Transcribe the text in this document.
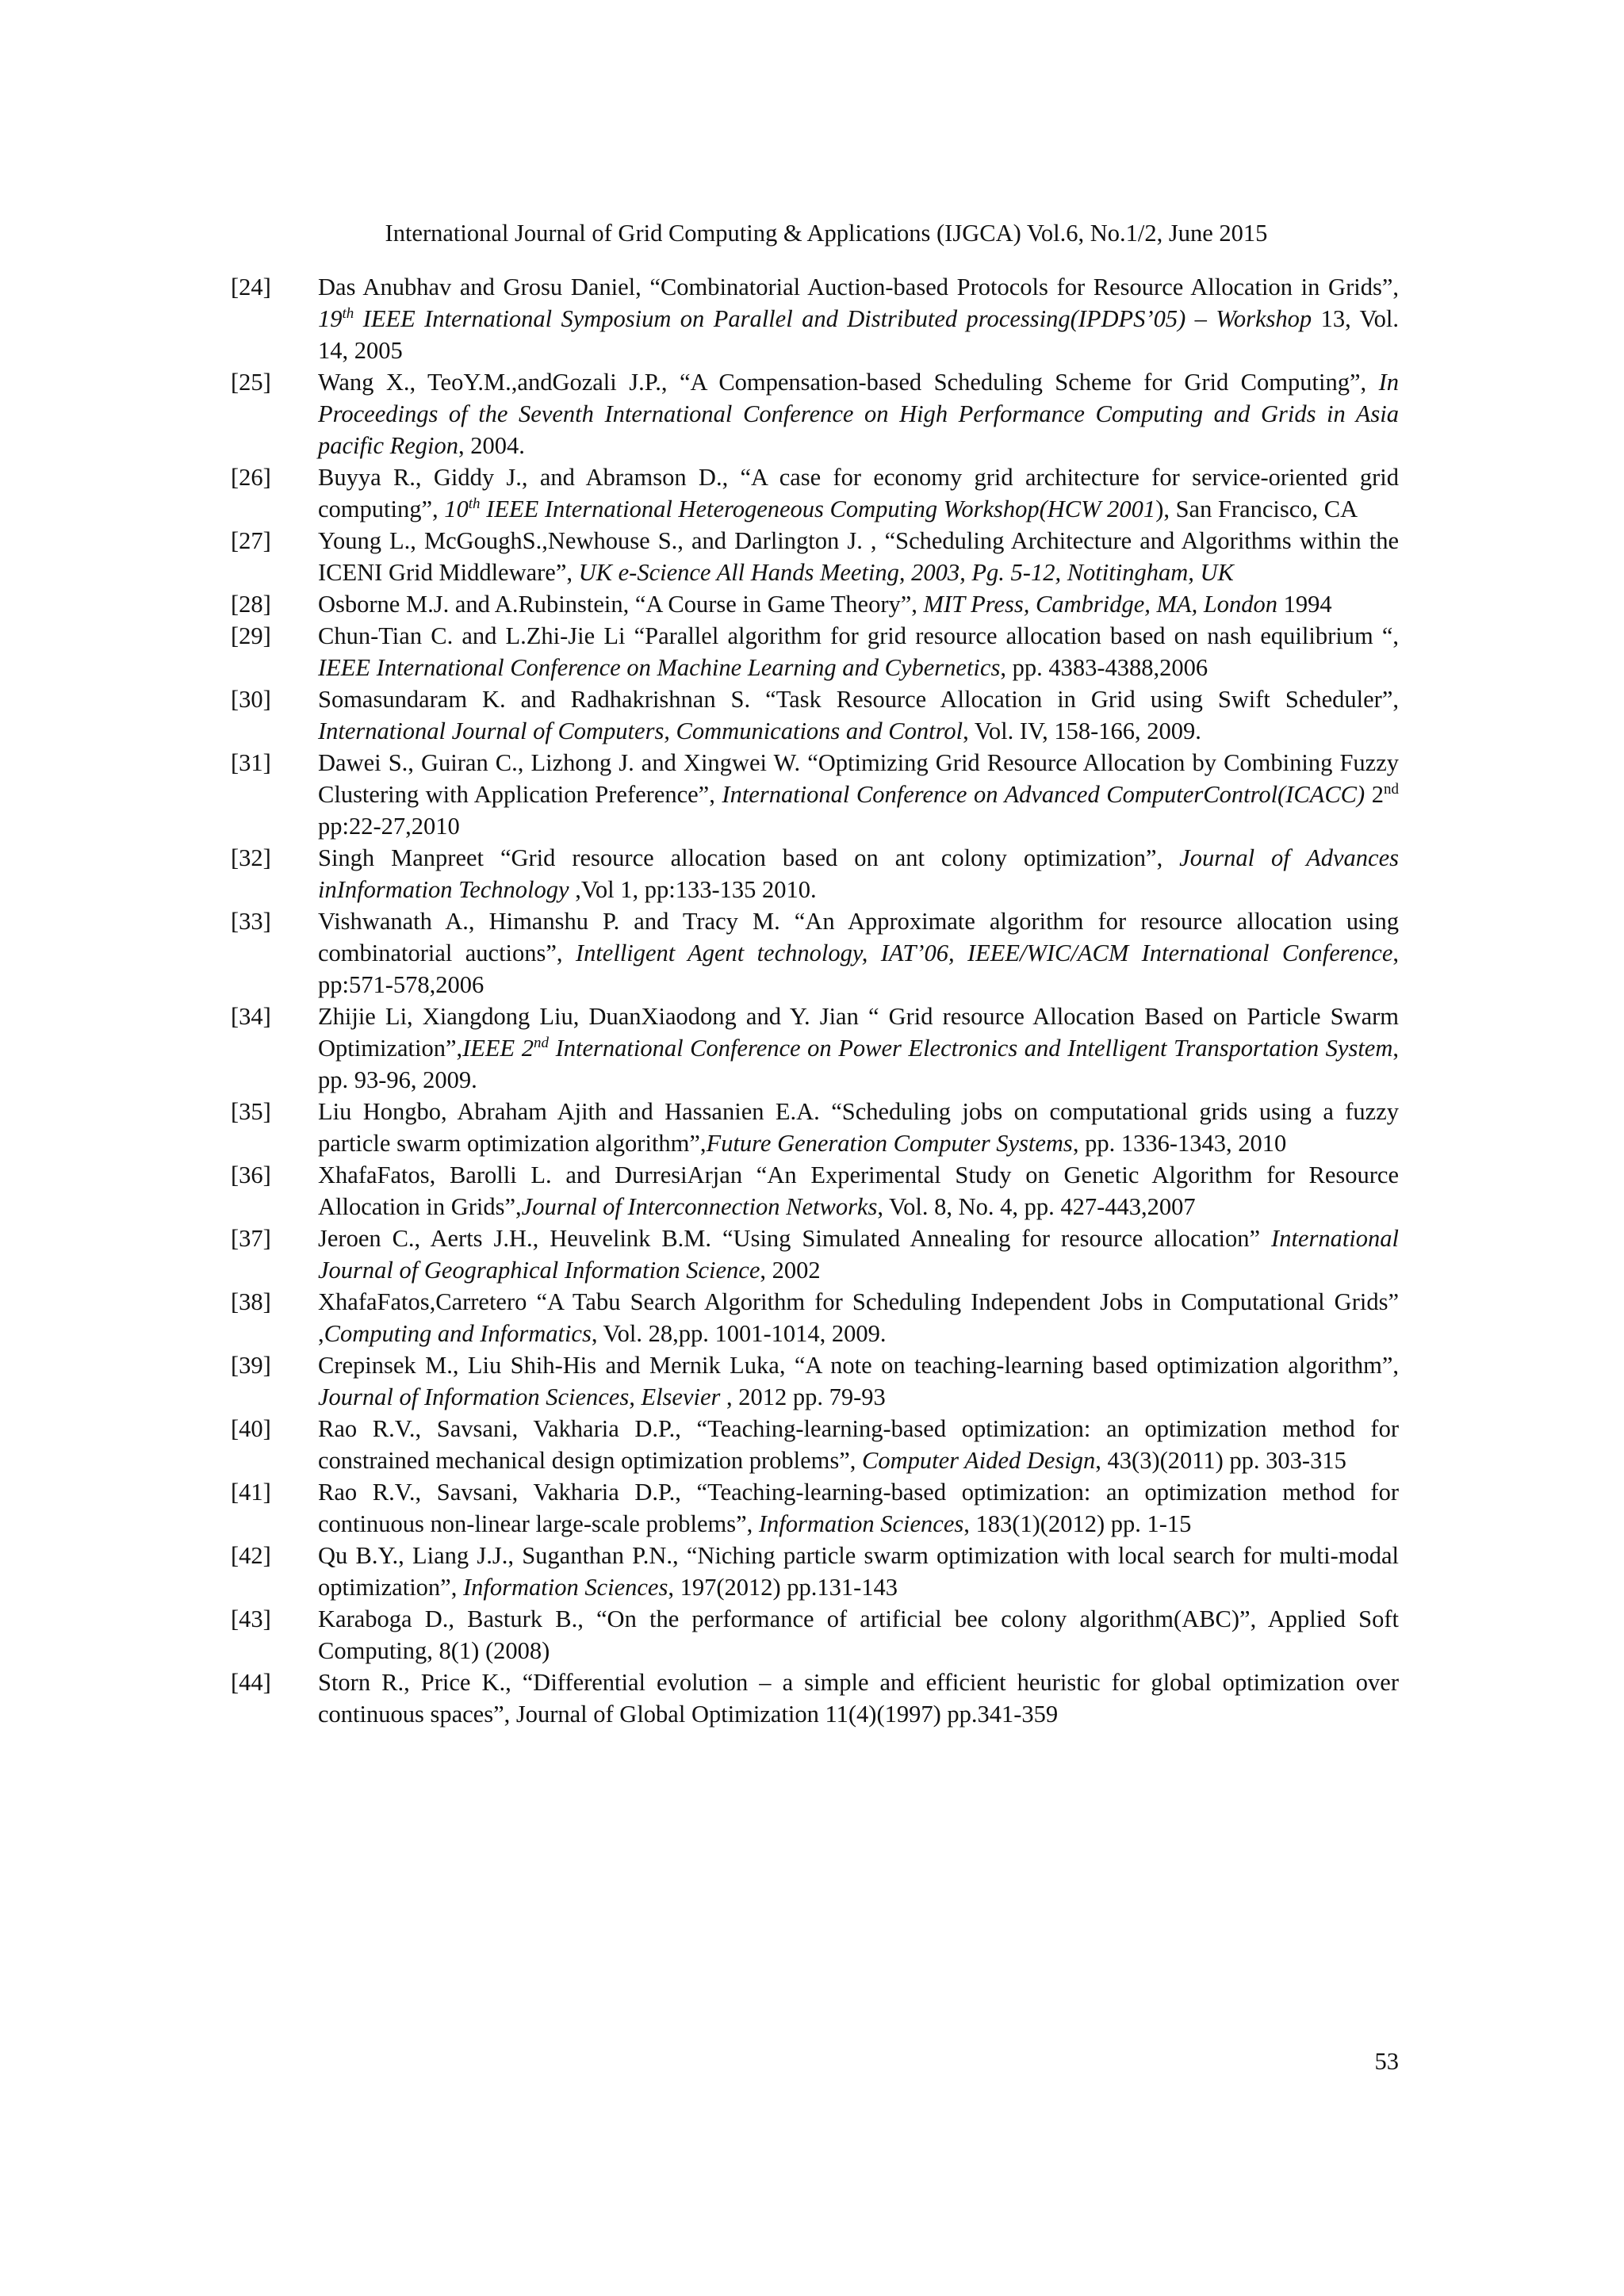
International Journal of Grid Computing & Applications (IJGCA) Vol.6, No.1/2, June 2015
[24] Das Anubhav and Grosu Daniel, “Combinatorial Auction-based Protocols for Resource Allocation in Grids”, 19th IEEE International Symposium on Parallel and Distributed processing(IPDPS’05) – Workshop 13, Vol. 14, 2005
[25] Wang X., TeoY.M.,andGozali J.P., “A Compensation-based Scheduling Scheme for Grid Computing”, In Proceedings of the Seventh International Conference on High Performance Computing and Grids in Asia pacific Region, 2004.
[26] Buyya R., Giddy J., and Abramson D., “A case for economy grid architecture for service-oriented grid computing”, 10th IEEE International Heterogeneous Computing Workshop(HCW 2001), San Francisco, CA
[27] Young L., McGoughS.,Newhouse S., and Darlington J. , “Scheduling Architecture and Algorithms within the ICENI Grid Middleware”, UK e-Science All Hands Meeting, 2003, Pg. 5-12, Notitingham, UK
[28] Osborne M.J. and A.Rubinstein, “A Course in Game Theory”, MIT Press, Cambridge, MA, London 1994
[29] Chun-Tian C. and L.Zhi-Jie Li “Parallel algorithm for grid resource allocation based on nash equilibrium “, IEEE International Conference on Machine Learning and Cybernetics, pp. 4383-4388,2006
[30] Somasundaram K. and Radhakrishnan S. “Task Resource Allocation in Grid using Swift Scheduler”, International Journal of Computers, Communications and Control, Vol. IV, 158-166, 2009.
[31] Dawei S., Guiran C., Lizhong J. and Xingwei W. “Optimizing Grid Resource Allocation by Combining Fuzzy Clustering with Application Preference”, International Conference on Advanced ComputerControl(ICACC) 2nd pp:22-27,2010
[32] Singh Manpreet “Grid resource allocation based on ant colony optimization”, Journal of Advances inInformation Technology ,Vol 1, pp:133-135 2010.
[33] Vishwanath A., Himanshu P. and Tracy M. “An Approximate algorithm for resource allocation using combinatorial auctions”, Intelligent Agent technology, IAT’06, IEEE/WIC/ACM International Conference, pp:571-578,2006
[34] Zhijie Li, Xiangdong Liu, DuanXiaodong and Y. Jian “ Grid resource Allocation Based on Particle Swarm Optimization”,IEEE 2nd International Conference on Power Electronics and Intelligent Transportation System, pp. 93-96, 2009.
[35] Liu Hongbo, Abraham Ajith and Hassanien E.A. “Scheduling jobs on computational grids using a fuzzy particle swarm optimization algorithm”,Future Generation Computer Systems, pp. 1336-1343, 2010
[36] XhafaFatos, Barolli L. and DurresiArjan “An Experimental Study on Genetic Algorithm for Resource Allocation in Grids”,Journal of Interconnection Networks, Vol. 8, No. 4, pp. 427-443,2007
[37] Jeroen C., Aerts J.H., Heuvelink B.M. “Using Simulated Annealing for resource allocation” International Journal of Geographical Information Science, 2002
[38] XhafaFatos,Carretero “A Tabu Search Algorithm for Scheduling Independent Jobs in Computational Grids” ,Computing and Informatics, Vol. 28,pp. 1001-1014, 2009.
[39] Crepinsek M., Liu Shih-His and Mernik Luka, “A note on teaching-learning based optimization algorithm”, Journal of Information Sciences, Elsevier , 2012 pp. 79-93
[40] Rao R.V., Savsani, Vakharia D.P., “Teaching-learning-based optimization: an optimization method for constrained mechanical design optimization problems”, Computer Aided Design, 43(3)(2011) pp. 303-315
[41] Rao R.V., Savsani, Vakharia D.P., “Teaching-learning-based optimization: an optimization method for continuous non-linear large-scale problems”, Information Sciences, 183(1)(2012) pp. 1-15
[42] Qu B.Y., Liang J.J., Suganthan P.N., “Niching particle swarm optimization with local search for multi-modal optimization”, Information Sciences, 197(2012) pp.131-143
[43] Karaboga D., Basturk B., “On the performance of artificial bee colony algorithm(ABC)”, Applied Soft Computing, 8(1) (2008)
[44] Storn R., Price K., “Differential evolution – a simple and efficient heuristic for global optimization over continuous spaces”, Journal of Global Optimization 11(4)(1997) pp.341-359
53
